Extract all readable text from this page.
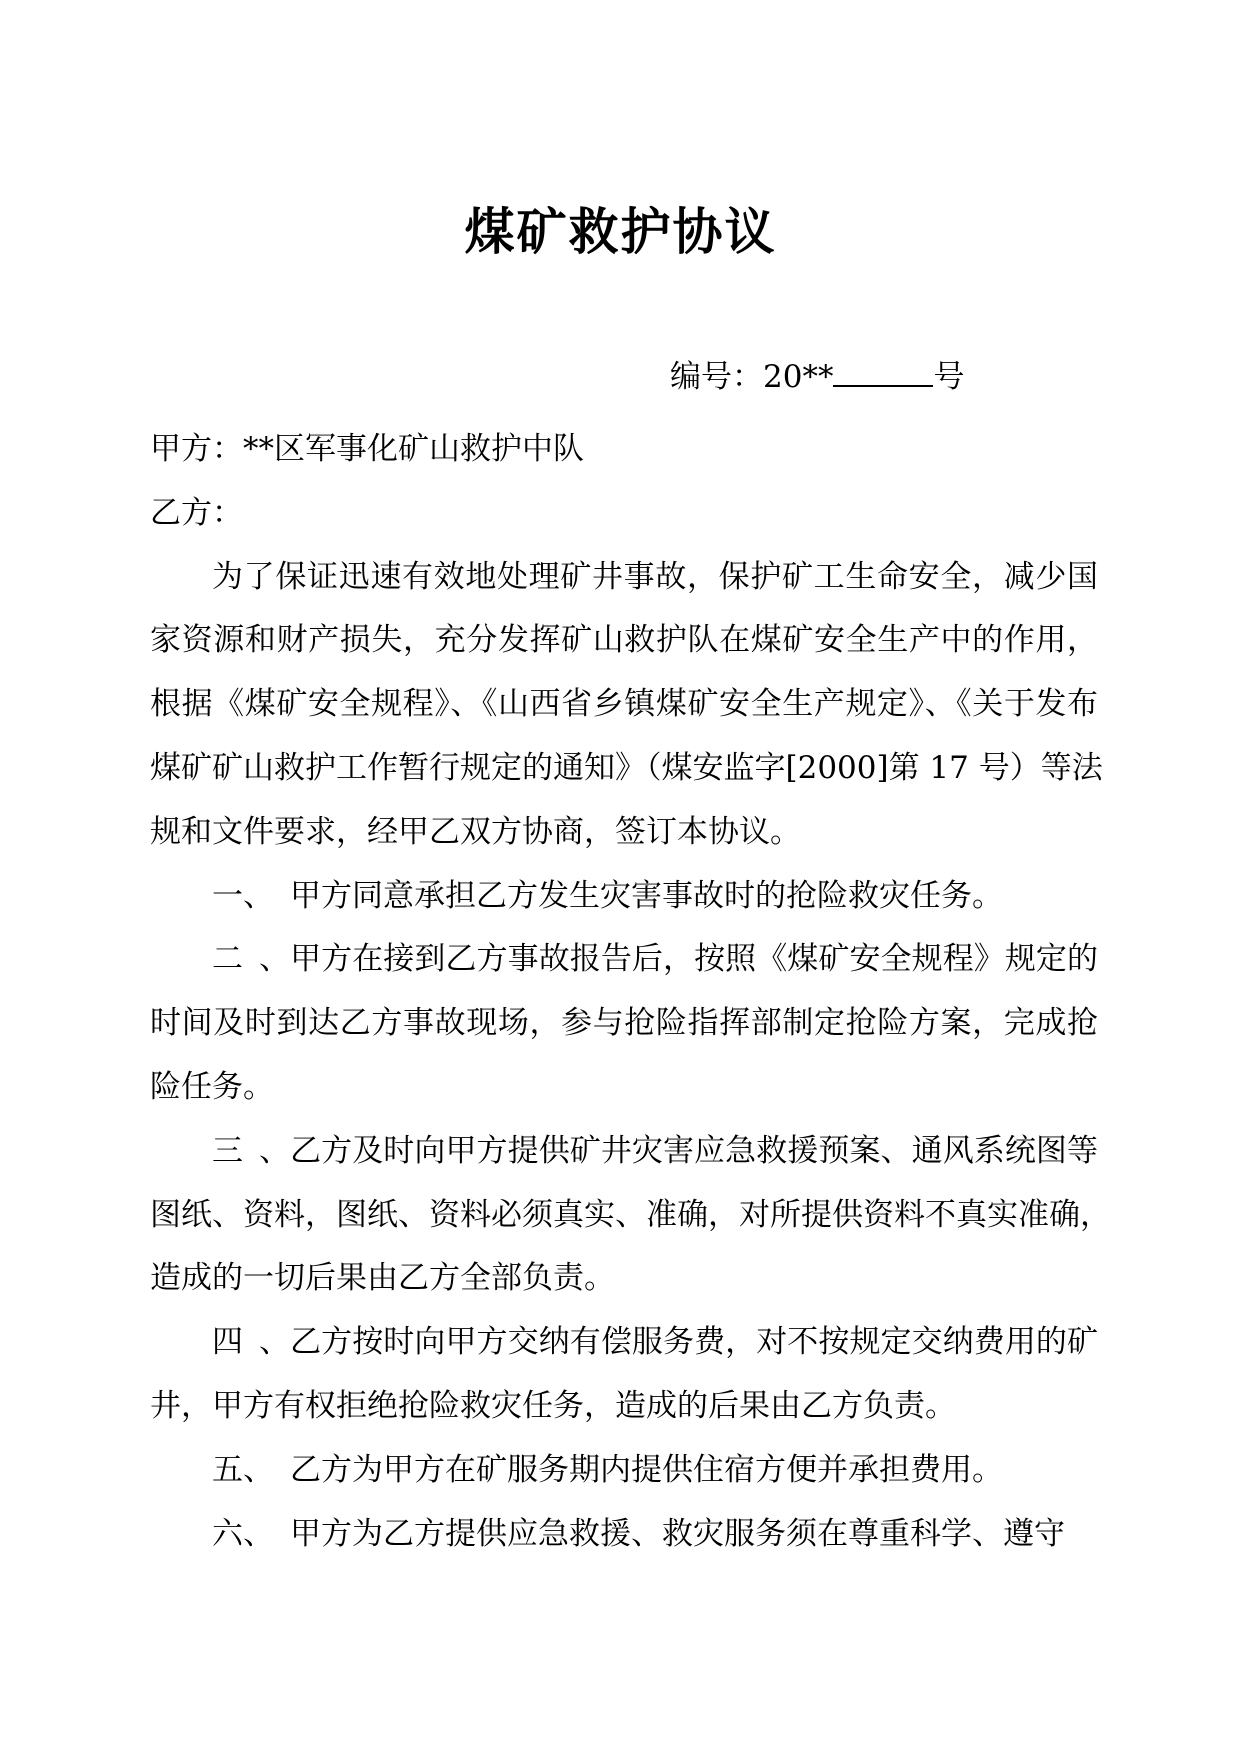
煤矿救护协议
编号：20**	号
甲方：**区军事化矿山救护中队
乙方：
为了保证迅速有效地处理矿井事故，保护矿工生命安全，减少国
家资源和财产损失，充分发挥矿山救护队在煤矿安全生产中的作用，
根据《煤矿安全规程》、《山西省乡镇煤矿安全生产规定》、《关于发布
煤矿矿山救护工作暂行规定的通知》（煤安监字[2000]第 17 号）等法
规和文件要求，经甲乙双方协商，签订本协议。
一、 甲方同意承担乙方发生灾害事故时的抢险救灾任务。
二、甲方在接到乙方事故报告后，按照《煤矿安全规程》规定的
时间及时到达乙方事故现场，参与抢险指挥部制定抢险方案，完成抢
险任务。
三、乙方及时向甲方提供矿井灾害应急救援预案、通风系统图等
图纸、资料，图纸、资料必须真实、准确，对所提供资料不真实准确，
造成的一切后果由乙方全部负责。
四、乙方按时向甲方交纳有偿服务费，对不按规定交纳费用的矿
井，甲方有权拒绝抢险救灾任务，造成的后果由乙方负责。
五、 乙方为甲方在矿服务期内提供住宿方便并承担费用。
六、 甲方为乙方提供应急救援、救灾服务须在尊重科学、遵守
